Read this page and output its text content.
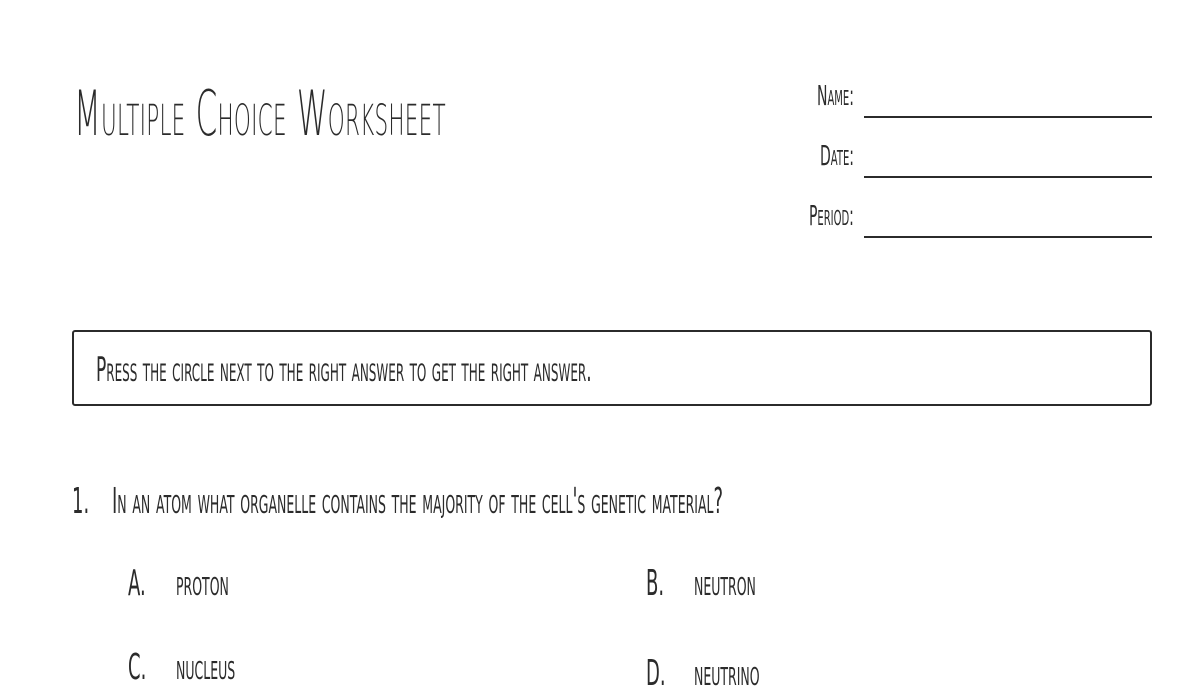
Multiple Choice Worksheet	Name:
Date:
Period:
Press the circle next to the right answer to get the right answer.
1. In an atom what organelle contains the majority of the cell's genetic material?
A. proton	B. neutron
C. nucleus	D. neutrino
